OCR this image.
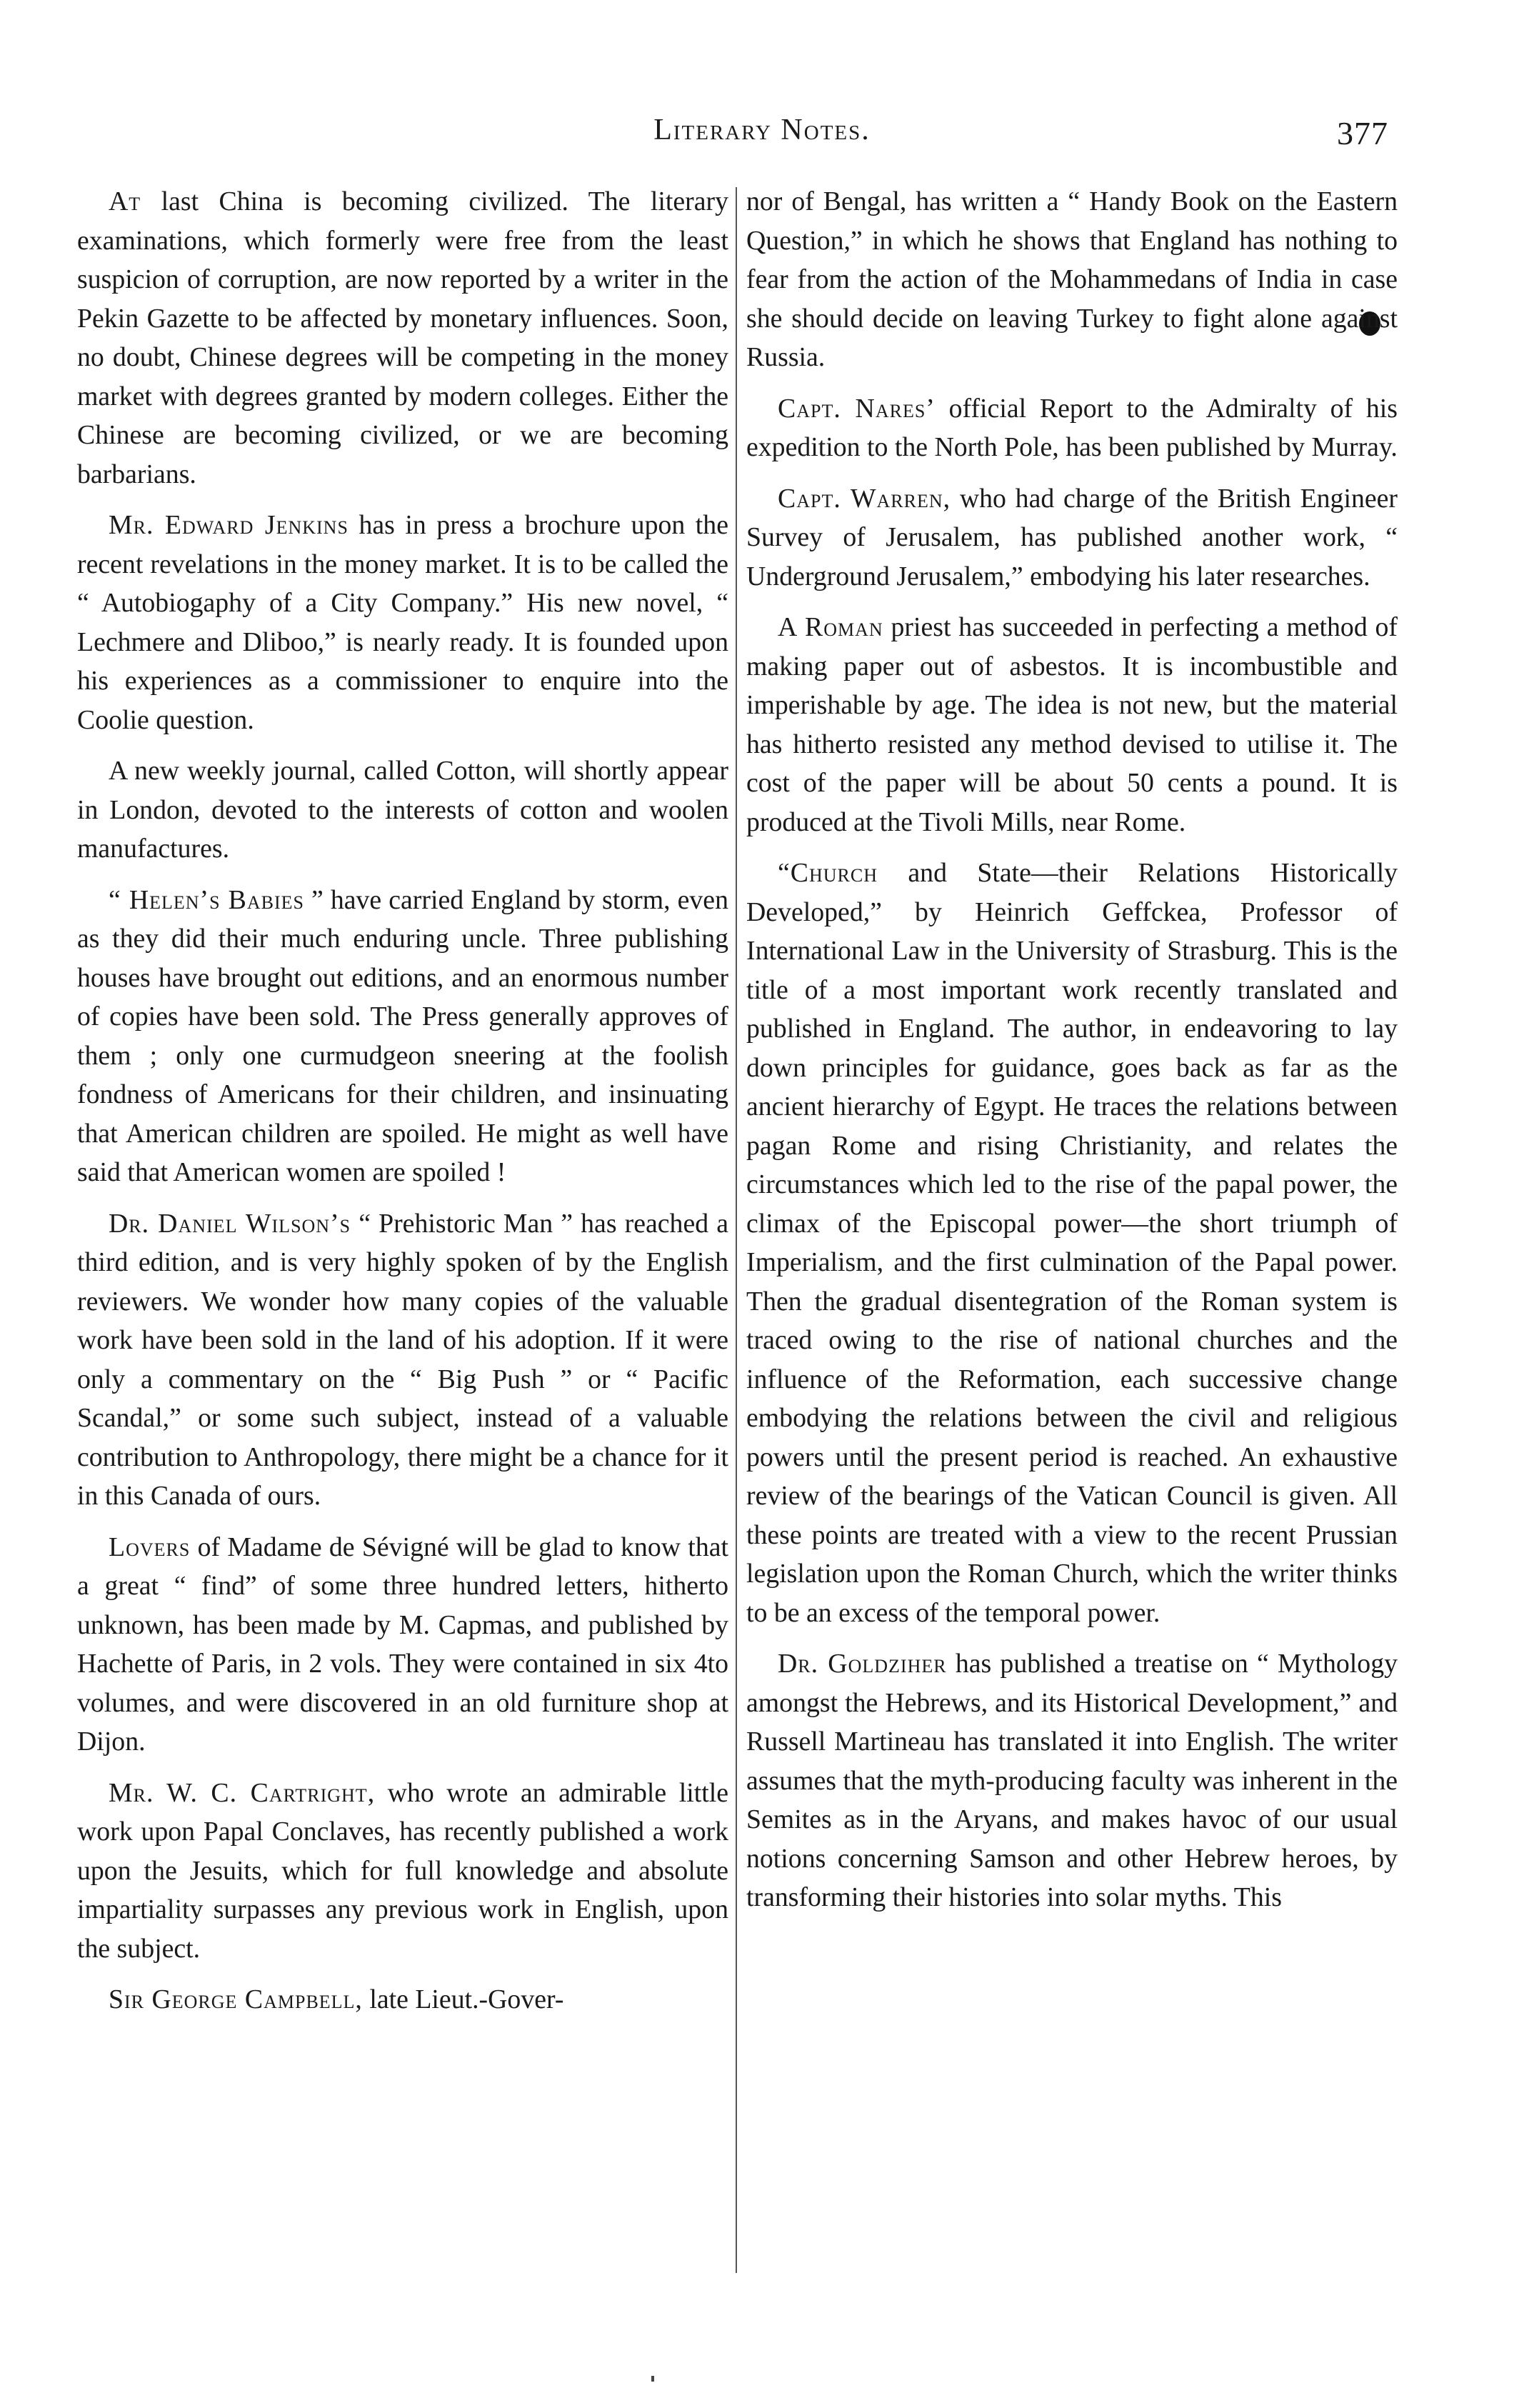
Literary Notes.	377

At last China is becoming civilized. The literary examinations, which formerly were free from the least suspicion of corruption, are now reported by a writer in the Pekin Gazette to be affected by monetary influences. Soon, no doubt, Chinese degrees will be competing in the money market with degrees granted by modern colleges. Either the Chinese are becoming civilized, or we are becoming barbarians.

Mr. Edward Jenkins has in press a brochure upon the recent revelations in the money market. It is to be called the “ Autobiogaphy of a City Company.” His new novel, “ Lechmere and Dliboo,” is nearly ready. It is founded upon his experiences as a commissioner to enquire into the Coolie question.

A new weekly journal, called Cotton, will shortly appear in London, devoted to the interests of cotton and woolen manufactures.

“ Helen’s Babies ” have carried England by storm, even as they did their much enduring uncle. Three publishing houses have brought out editions, and an enormous number of copies have been sold. The Press generally approves of them ; only one curmudgeon sneering at the foolish fondness of Americans for their children, and insinuating that American children are spoiled. He might as well have said that American women are spoiled !

Dr. Daniel Wilson’s “ Prehistoric Man ” has reached a third edition, and is very highly spoken of by the English reviewers. We wonder how many copies of the valuable work have been sold in the land of his adoption. If it were only a commentary on the “ Big Push ” or “ Pacific Scandal,” or some such subject, instead of a valuable contribution to Anthropology, there might be a chance for it in this Canada of ours.

Lovers of Madame de Sévigné will be glad to know that a great “ find” of some three hundred letters, hitherto unknown, has been made by M. Capmas, and published by Hachette of Paris, in 2 vols. They were contained in six 4to volumes, and were discovered in an old furniture shop at Dijon.

Mr. W. C. Cartright, who wrote an admirable little work upon Papal Conclaves, has recently published a work upon the Jesuits, which for full knowledge and absolute impartiality surpasses any previous work in English, upon the subject.

Sir George Campbell, late Lieut.-Gover-

nor of Bengal, has written a “ Handy Book on the Eastern Question,” in which he shows that England has nothing to fear from the action of the Mohammedans of India in case she should decide on leaving Turkey to fight alone against Russia.

Capt. Nares’ official Report to the Admiralty of his expedition to the North Pole, has been published by Murray.

Capt. Warren, who had charge of the British Engineer Survey of Jerusalem, has published another work, “ Underground Jerusalem,” embodying his later researches.

A Roman priest has succeeded in perfecting a method of making paper out of asbestos. It is incombustible and imperishable by age. The idea is not new, but the material has hitherto resisted any method devised to utilise it. The cost of the paper will be about 50 cents a pound. It is produced at the Tivoli Mills, near Rome.

“Church and State—their Relations Historically Developed,” by Heinrich Geffckea, Professor of International Law in the University of Strasburg. This is the title of a most important work recently translated and published in England. The author, in endeavoring to lay down principles for guidance, goes back as far as the ancient hierarchy of Egypt. He traces the relations between pagan Rome and rising Christianity, and relates the circumstances which led to the rise of the papal power, the climax of the Episcopal power—the short triumph of Imperialism, and the first culmination of the Papal power. Then the gradual disentegration of the Roman system is traced owing to the rise of national churches and the influence of the Reformation, each successive change embodying the relations between the civil and religious powers until the present period is reached. An exhaustive review of the bearings of the Vatican Council is given. All these points are treated with a view to the recent Prussian legislation upon the Roman Church, which the writer thinks to be an excess of the temporal power.

Dr. Goldziher has published a treatise on “ Mythology amongst the Hebrews, and its Historical Development,” and Russell Martineau has translated it into English. The writer assumes that the myth-producing faculty was inherent in the Semites as in the Aryans, and makes havoc of our usual notions concerning Samson and other Hebrew heroes, by transforming their histories into solar myths. This
